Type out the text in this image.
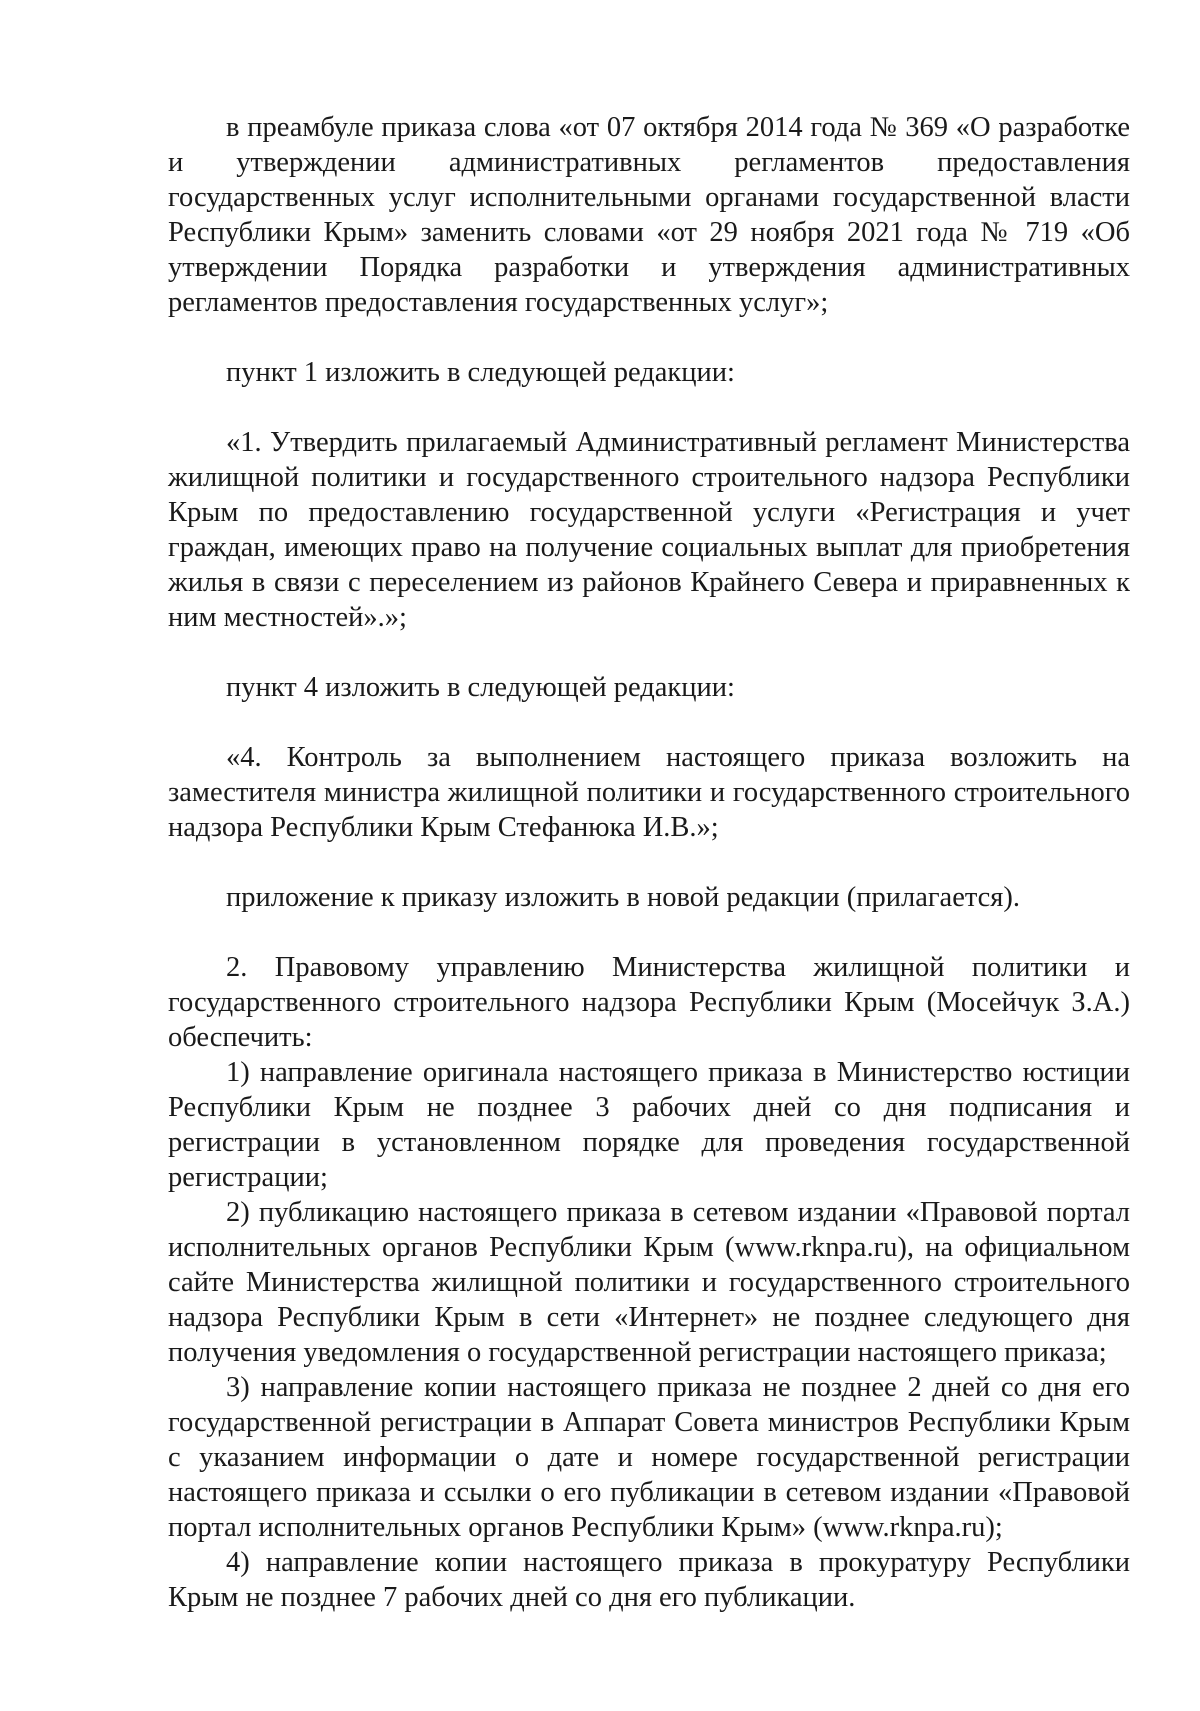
в преамбуле приказа слова «от 07 октября 2014 года № 369 «О разработке и утверждении административных регламентов предоставления государственных услуг исполнительными органами государственной власти Республики Крым» заменить словами «от 29 ноября 2021 года № 719 «Об утверждении Порядка разработки и утверждения административных регламентов предоставления государственных услуг»;

пункт 1 изложить в следующей редакции:

«1. Утвердить прилагаемый Административный регламент Министерства жилищной политики и государственного строительного надзора Республики Крым по предоставлению государственной услуги «Регистрация и учет граждан, имеющих право на получение социальных выплат для приобретения жилья в связи с переселением из районов Крайнего Севера и приравненных к ним местностей».»;

пункт 4 изложить в следующей редакции:

«4. Контроль за выполнением настоящего приказа возложить на заместителя министра жилищной политики и государственного строительного надзора Республики Крым Стефанюка И.В.»;

приложение к приказу изложить в новой редакции (прилагается).

2. Правовому управлению Министерства жилищной политики и государственного строительного надзора Республики Крым (Мосейчук З.А.) обеспечить:

1) направление оригинала настоящего приказа в Министерство юстиции Республики Крым не позднее 3 рабочих дней со дня подписания и регистрации в установленном порядке для проведения государственной регистрации;

2) публикацию настоящего приказа в сетевом издании «Правовой портал исполнительных органов Республики Крым (www.rknpa.ru), на официальном сайте Министерства жилищной политики и государственного строительного надзора Республики Крым в сети «Интернет» не позднее следующего дня получения уведомления о государственной регистрации настоящего приказа;

3) направление копии настоящего приказа не позднее 2 дней со дня его государственной регистрации в Аппарат Совета министров Республики Крым с указанием информации о дате и номере государственной регистрации настоящего приказа и ссылки о его публикации в сетевом издании «Правовой портал исполнительных органов Республики Крым» (www.rknpa.ru);

4) направление копии настоящего приказа в прокуратуру Республики Крым не позднее 7 рабочих дней со дня его публикации.
